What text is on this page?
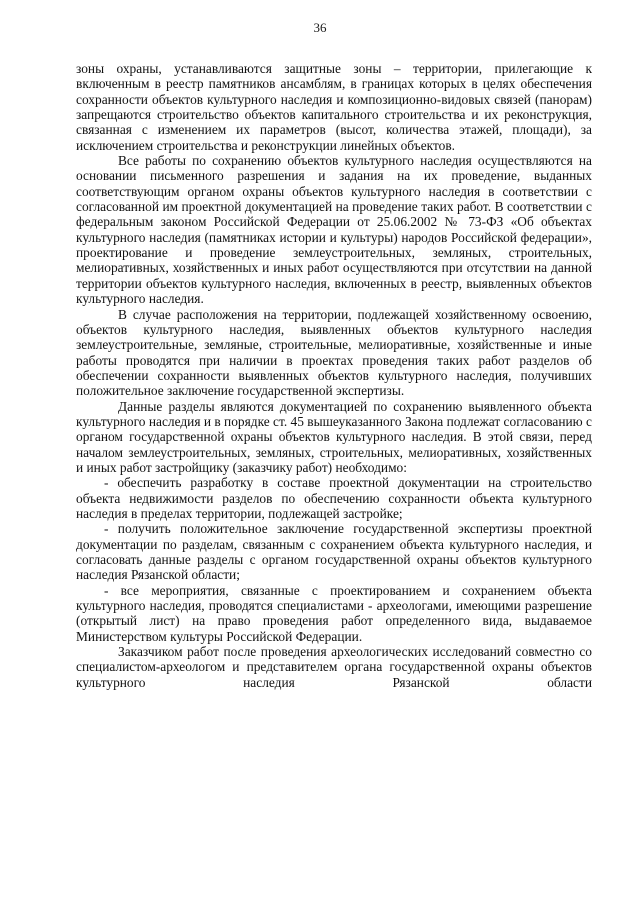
36

зоны охраны, устанавливаются защитные зоны – территории, прилегающие к включенным в реестр памятников ансамблям, в границах которых в целях обеспечения сохранности объектов культурного наследия и композиционно-видовых связей (панорам) запрещаются строительство объектов капитального строительства и их реконструкция, связанная с изменением их параметров (высот, количества этажей, площади), за исключением строительства и реконструкции линейных объектов.

Все работы по сохранению объектов культурного наследия осуществляются на основании письменного разрешения и задания на их проведение, выданных соответствующим органом охраны объектов культурного наследия в соответствии с согласованной им проектной документацией на проведение таких работ. В соответствии с федеральным законом Российской Федерации от 25.06.2002 № 73-ФЗ «Об объектах культурного наследия (памятниках истории и культуры) народов Российской федерации», проектирование и проведение землеустроительных, земляных, строительных, мелиоративных, хозяйственных и иных работ осуществляются при отсутствии на данной территории объектов культурного наследия, включенных в реестр, выявленных объектов культурного наследия.

В случае расположения на территории, подлежащей хозяйственному освоению, объектов культурного наследия, выявленных объектов культурного наследия землеустроительные, земляные, строительные, мелиоративные, хозяйственные и иные работы проводятся при наличии в проектах проведения таких работ разделов об обеспечении сохранности выявленных объектов культурного наследия, получивших положительное заключение государственной экспертизы.

Данные разделы являются документацией по сохранению выявленного объекта культурного наследия и в порядке ст. 45 вышеуказанного Закона подлежат согласованию с органом государственной охраны объектов культурного наследия. В этой связи, перед началом землеустроительных, земляных, строительных, мелиоративных, хозяйственных и иных работ застройщику (заказчику работ) необходимо:

- обеспечить разработку в составе проектной документации на строительство объекта недвижимости разделов по обеспечению сохранности объекта культурного наследия в пределах территории, подлежащей застройке;

- получить положительное заключение государственной экспертизы проектной документации по разделам, связанным с сохранением объекта культурного наследия, и согласовать данные разделы с органом государственной охраны объектов культурного наследия Рязанской области;

- все мероприятия, связанные с проектированием и сохранением объекта культурного наследия, проводятся специалистами - археологами, имеющими разрешение (открытый лист) на право проведения работ определенного вида, выдаваемое Министерством культуры Российской Федерации.

Заказчиком работ после проведения археологических исследований совместно со специалистом-археологом и представителем органа государственной охраны объектов культурного наследия Рязанской области
